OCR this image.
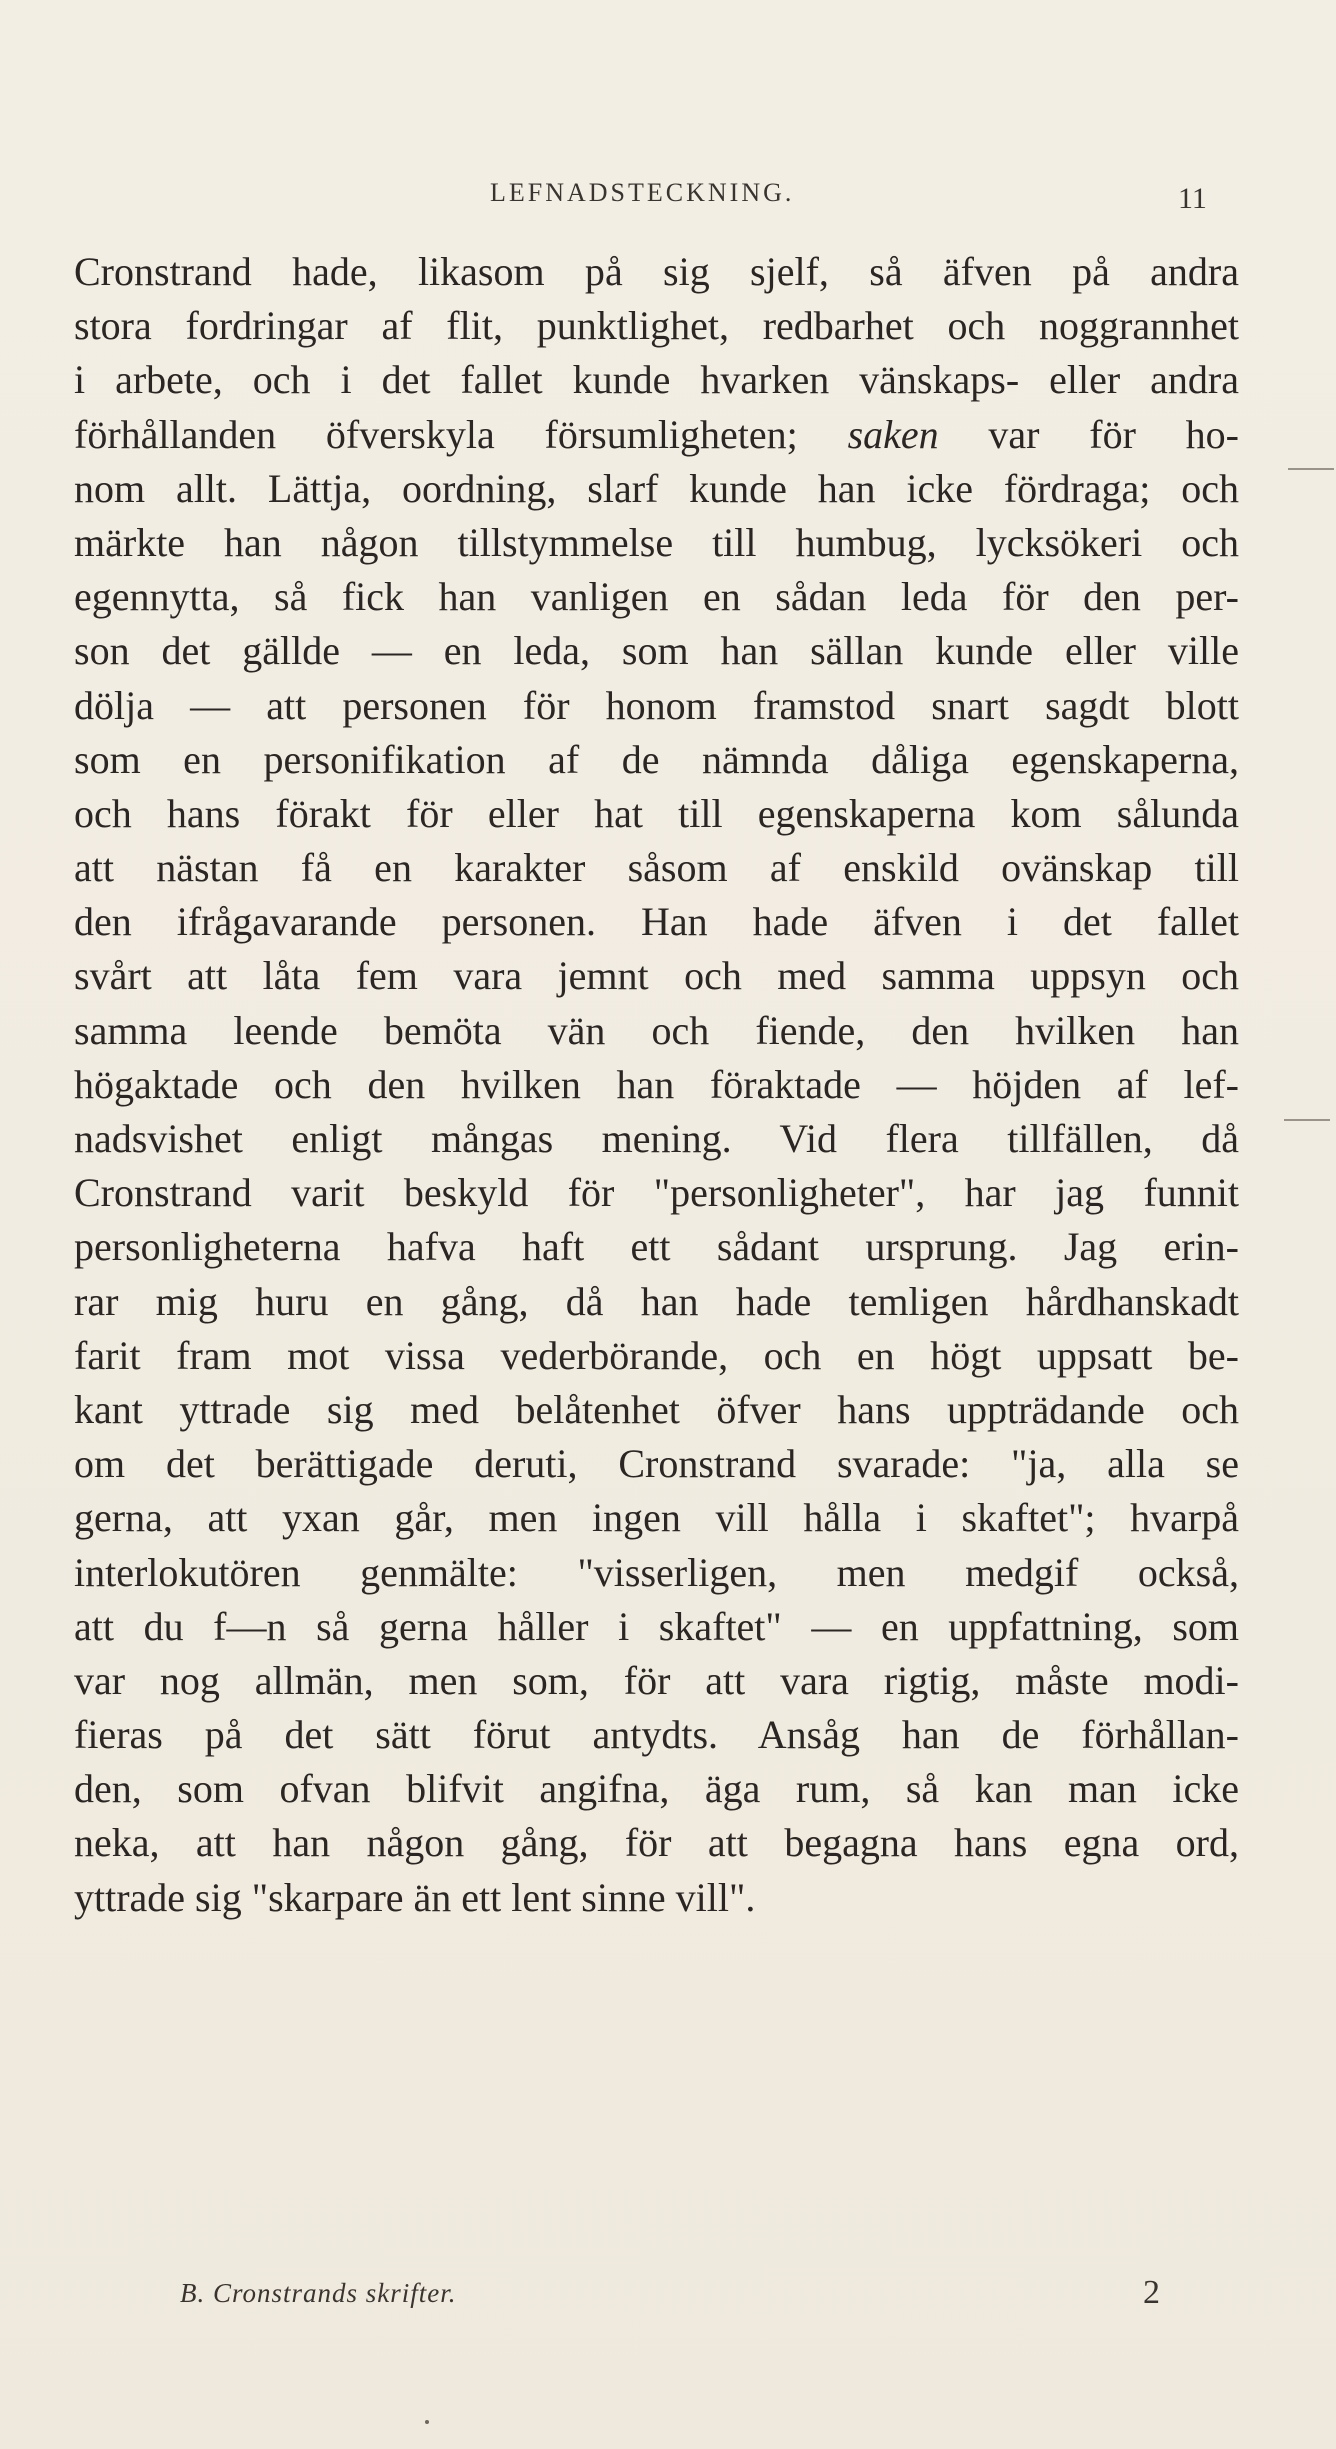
LEFNADSTECKNING.	11
Cronstrand hade, likasom på sig sjelf, så äfven på andra
stora fordringar af flit, punktlighet, redbarhet och noggrannhet
i arbete, och i det fallet kunde hvarken vänskaps- eller andra
förhållanden öfverskyla försumligheten; saken var för ho-
nom allt. Lättja, oordning, slarf kunde han icke fördraga; och
märkte han någon tillstymmelse till humbug, lycksökeri och
egennytta, så fick han vanligen en sådan leda för den per-
son det gällde — en leda, som han sällan kunde eller ville
dölja — att personen för honom framstod snart sagdt blott
som en personifikation af de nämnda dåliga egenskaperna,
och hans förakt för eller hat till egenskaperna kom sålunda
att nästan få en karakter såsom af enskild ovänskap till
den ifrågavarande personen. Han hade äfven i det fallet
svårt att låta fem vara jemnt och med samma uppsyn och
samma leende bemöta vän och fiende, den hvilken han
högaktade och den hvilken han föraktade — höjden af lef-
nadsvishet enligt mångas mening. Vid flera tillfällen, då
Cronstrand varit beskyld för "personligheter", har jag funnit
personligheterna hafva haft ett sådant ursprung. Jag erin-
rar mig huru en gång, då han hade temligen hårdhanskadt
farit fram mot vissa vederbörande, och en högt uppsatt be-
kant yttrade sig med belåtenhet öfver hans uppträdande och
om det berättigade deruti, Cronstrand svarade: "ja, alla se
gerna, att yxan går, men ingen vill hålla i skaftet"; hvarpå
interlokutören genmälte: "visserligen, men medgif också,
att du f—n så gerna håller i skaftet" — en uppfattning, som
var nog allmän, men som, för att vara rigtig, måste modi-
fieras på det sätt förut antydts. Ansåg han de förhållan-
den, som ofvan blifvit angifna, äga rum, så kan man icke
neka, att han någon gång, för att begagna hans egna ord,
yttrade sig "skarpare än ett lent sinne vill".
B. Cronstrands skrifter.	2
